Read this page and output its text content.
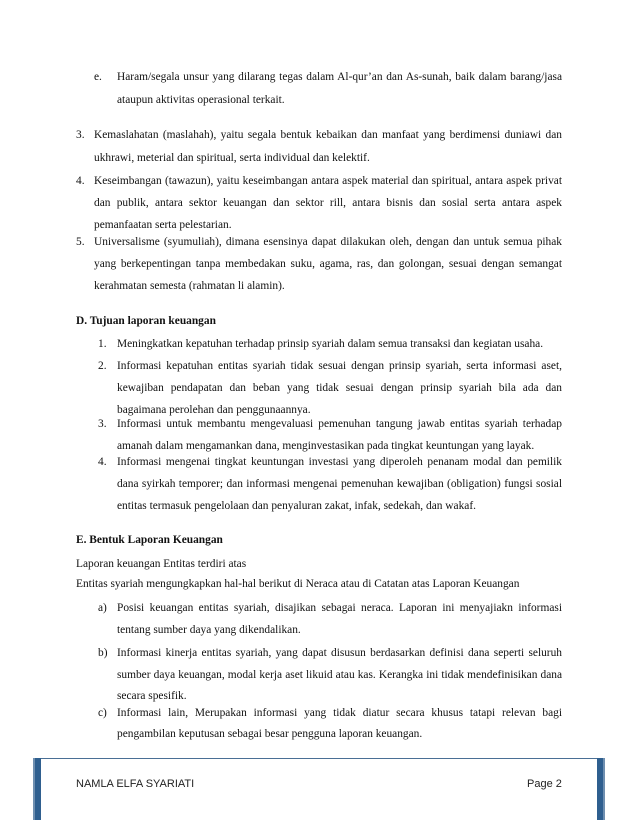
e. Haram/segala unsur yang dilarang tegas dalam Al-qur’an dan As-sunah, baik dalam barang/jasa
ataupun aktivitas operasional terkait.
3. Kemaslahatan (maslahah), yaitu segala bentuk kebaikan dan manfaat yang berdimensi duniawi dan
ukhrawi, meterial dan spiritual, serta individual dan kelektif.
4. Keseimbangan (tawazun), yaitu keseimbangan antara aspek material dan spiritual, antara aspek privat
dan publik, antara sektor keuangan dan sektor rill, antara bisnis dan sosial serta antara aspek
pemanfaatan serta pelestarian.
5. Universalisme (syumuliah), dimana esensinya dapat dilakukan oleh, dengan dan untuk semua pihak
yang berkepentingan tanpa membedakan suku, agama, ras, dan golongan, sesuai dengan semangat
kerahmatan semesta (rahmatan li alamin).
D. Tujuan laporan keuangan
1. Meningkatkan kepatuhan terhadap prinsip syariah dalam semua transaksi dan kegiatan usaha.
2. Informasi kepatuhan entitas syariah tidak sesuai dengan prinsip syariah, serta informasi aset,
kewajiban pendapatan dan beban yang tidak sesuai dengan prinsip syariah bila ada dan
bagaimana perolehan dan penggunaannya.
3. Informasi untuk membantu mengevaluasi pemenuhan tangung jawab entitas syariah terhadap
amanah dalam mengamankan dana, menginvestasikan pada tingkat keuntungan yang layak.
4. Informasi mengenai tingkat keuntungan investasi yang diperoleh penanam modal dan pemilik
dana syirkah temporer; dan informasi mengenai pemenuhan kewajiban (obligation) fungsi sosial
entitas termasuk pengelolaan dan penyaluran zakat, infak, sedekah, dan wakaf.
E. Bentuk Laporan Keuangan
Laporan keuangan Entitas terdiri atas
Entitas syariah mengungkapkan hal-hal berikut di Neraca atau di Catatan atas Laporan Keuangan
a) Posisi keuangan entitas syariah, disajikan sebagai neraca. Laporan ini menyajiakn informasi
tentang sumber daya yang dikendalikan.
b) Informasi kinerja entitas syariah, yang dapat disusun berdasarkan definisi dana seperti seluruh
sumber daya keuangan, modal kerja aset likuid atau kas. Kerangka ini tidak mendefinisikan dana
secara spesifik.
c) Informasi lain, Merupakan informasi yang tidak diatur secara khusus tatapi relevan bagi
pengambilan keputusan sebagai besar pengguna laporan keuangan.
NAMLA ELFA SYARIATI	Page 2
